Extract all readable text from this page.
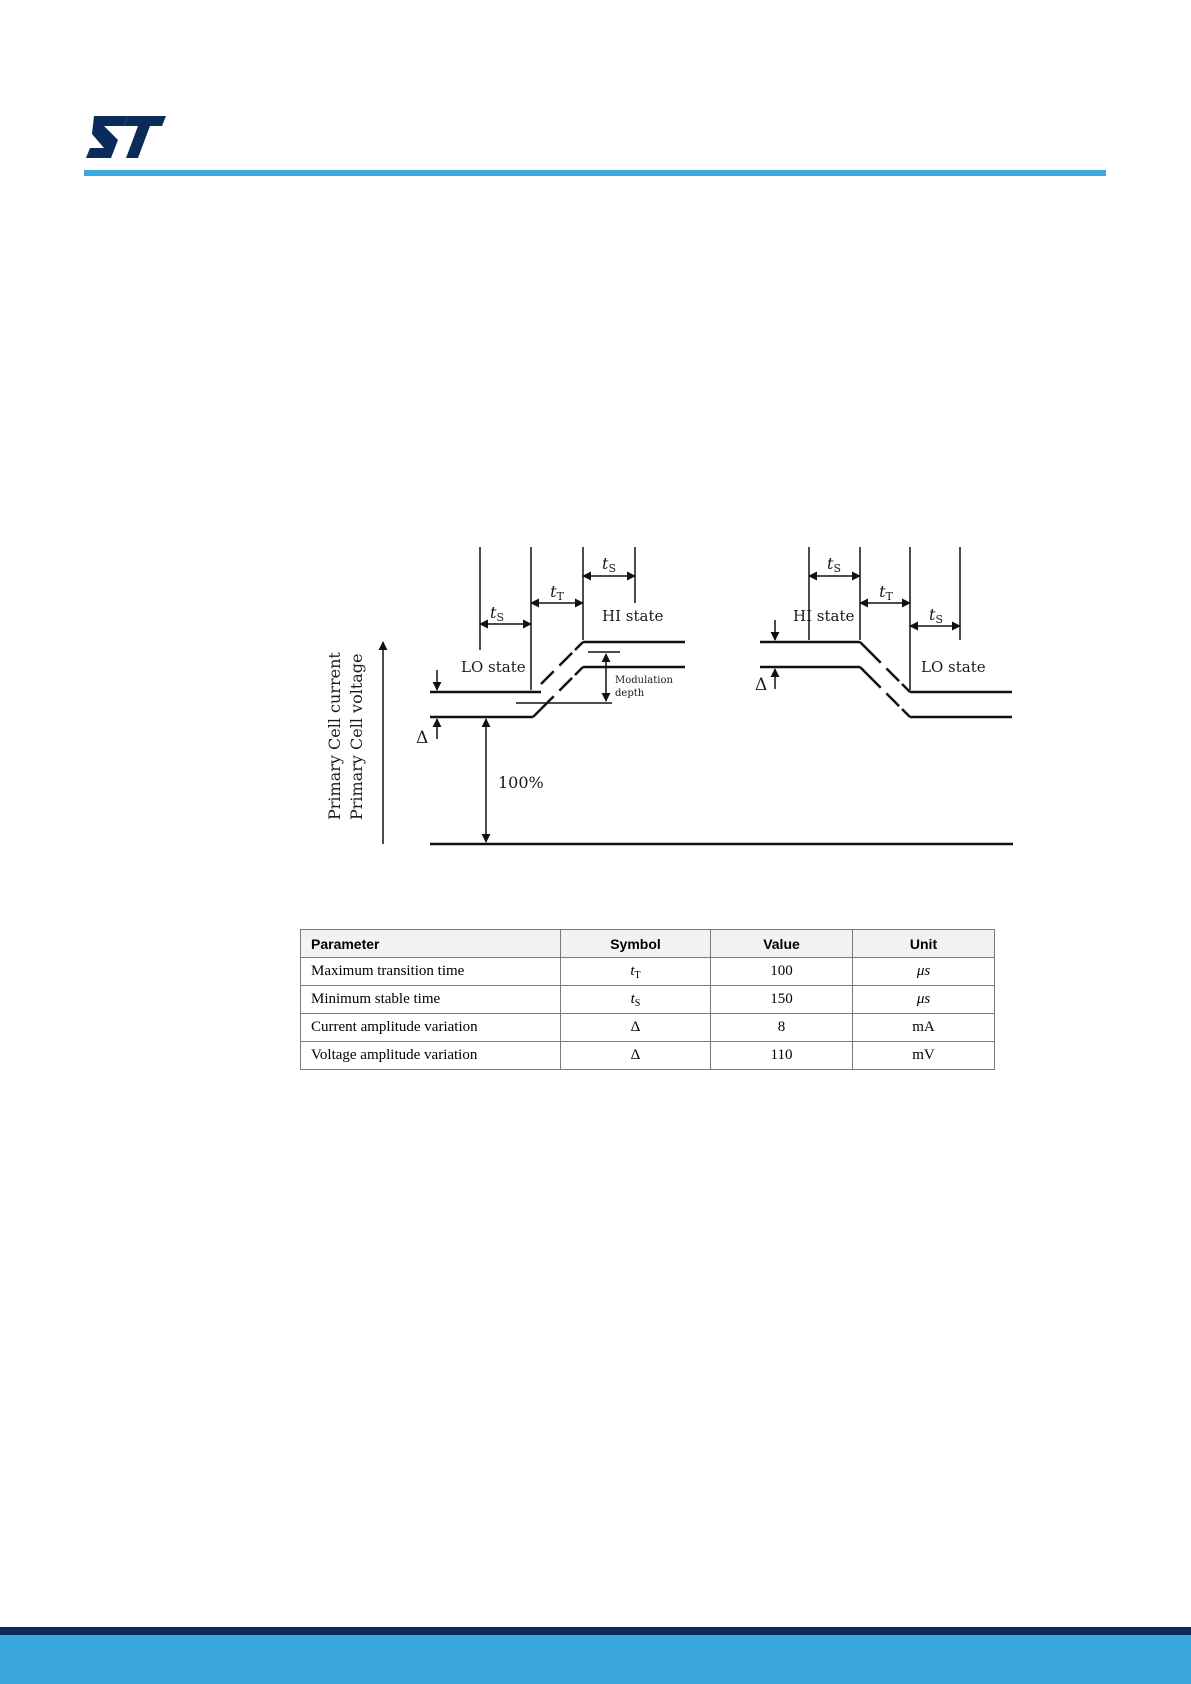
Primary Cell current Primary Cell voltage
tS
tT
tS	tS
tT
tS
LO state
HI state	HI state
LO state
Δ
Δ
100%
Modulation
depth
Parameter	Symbol	Value	Unit
Maximum transition time	$t_T$	100	μs
Minimum stable time	$t_S$	150	μs
Current amplitude variation	Δ	8	mA
Voltage amplitude variation	Δ	110	mV
